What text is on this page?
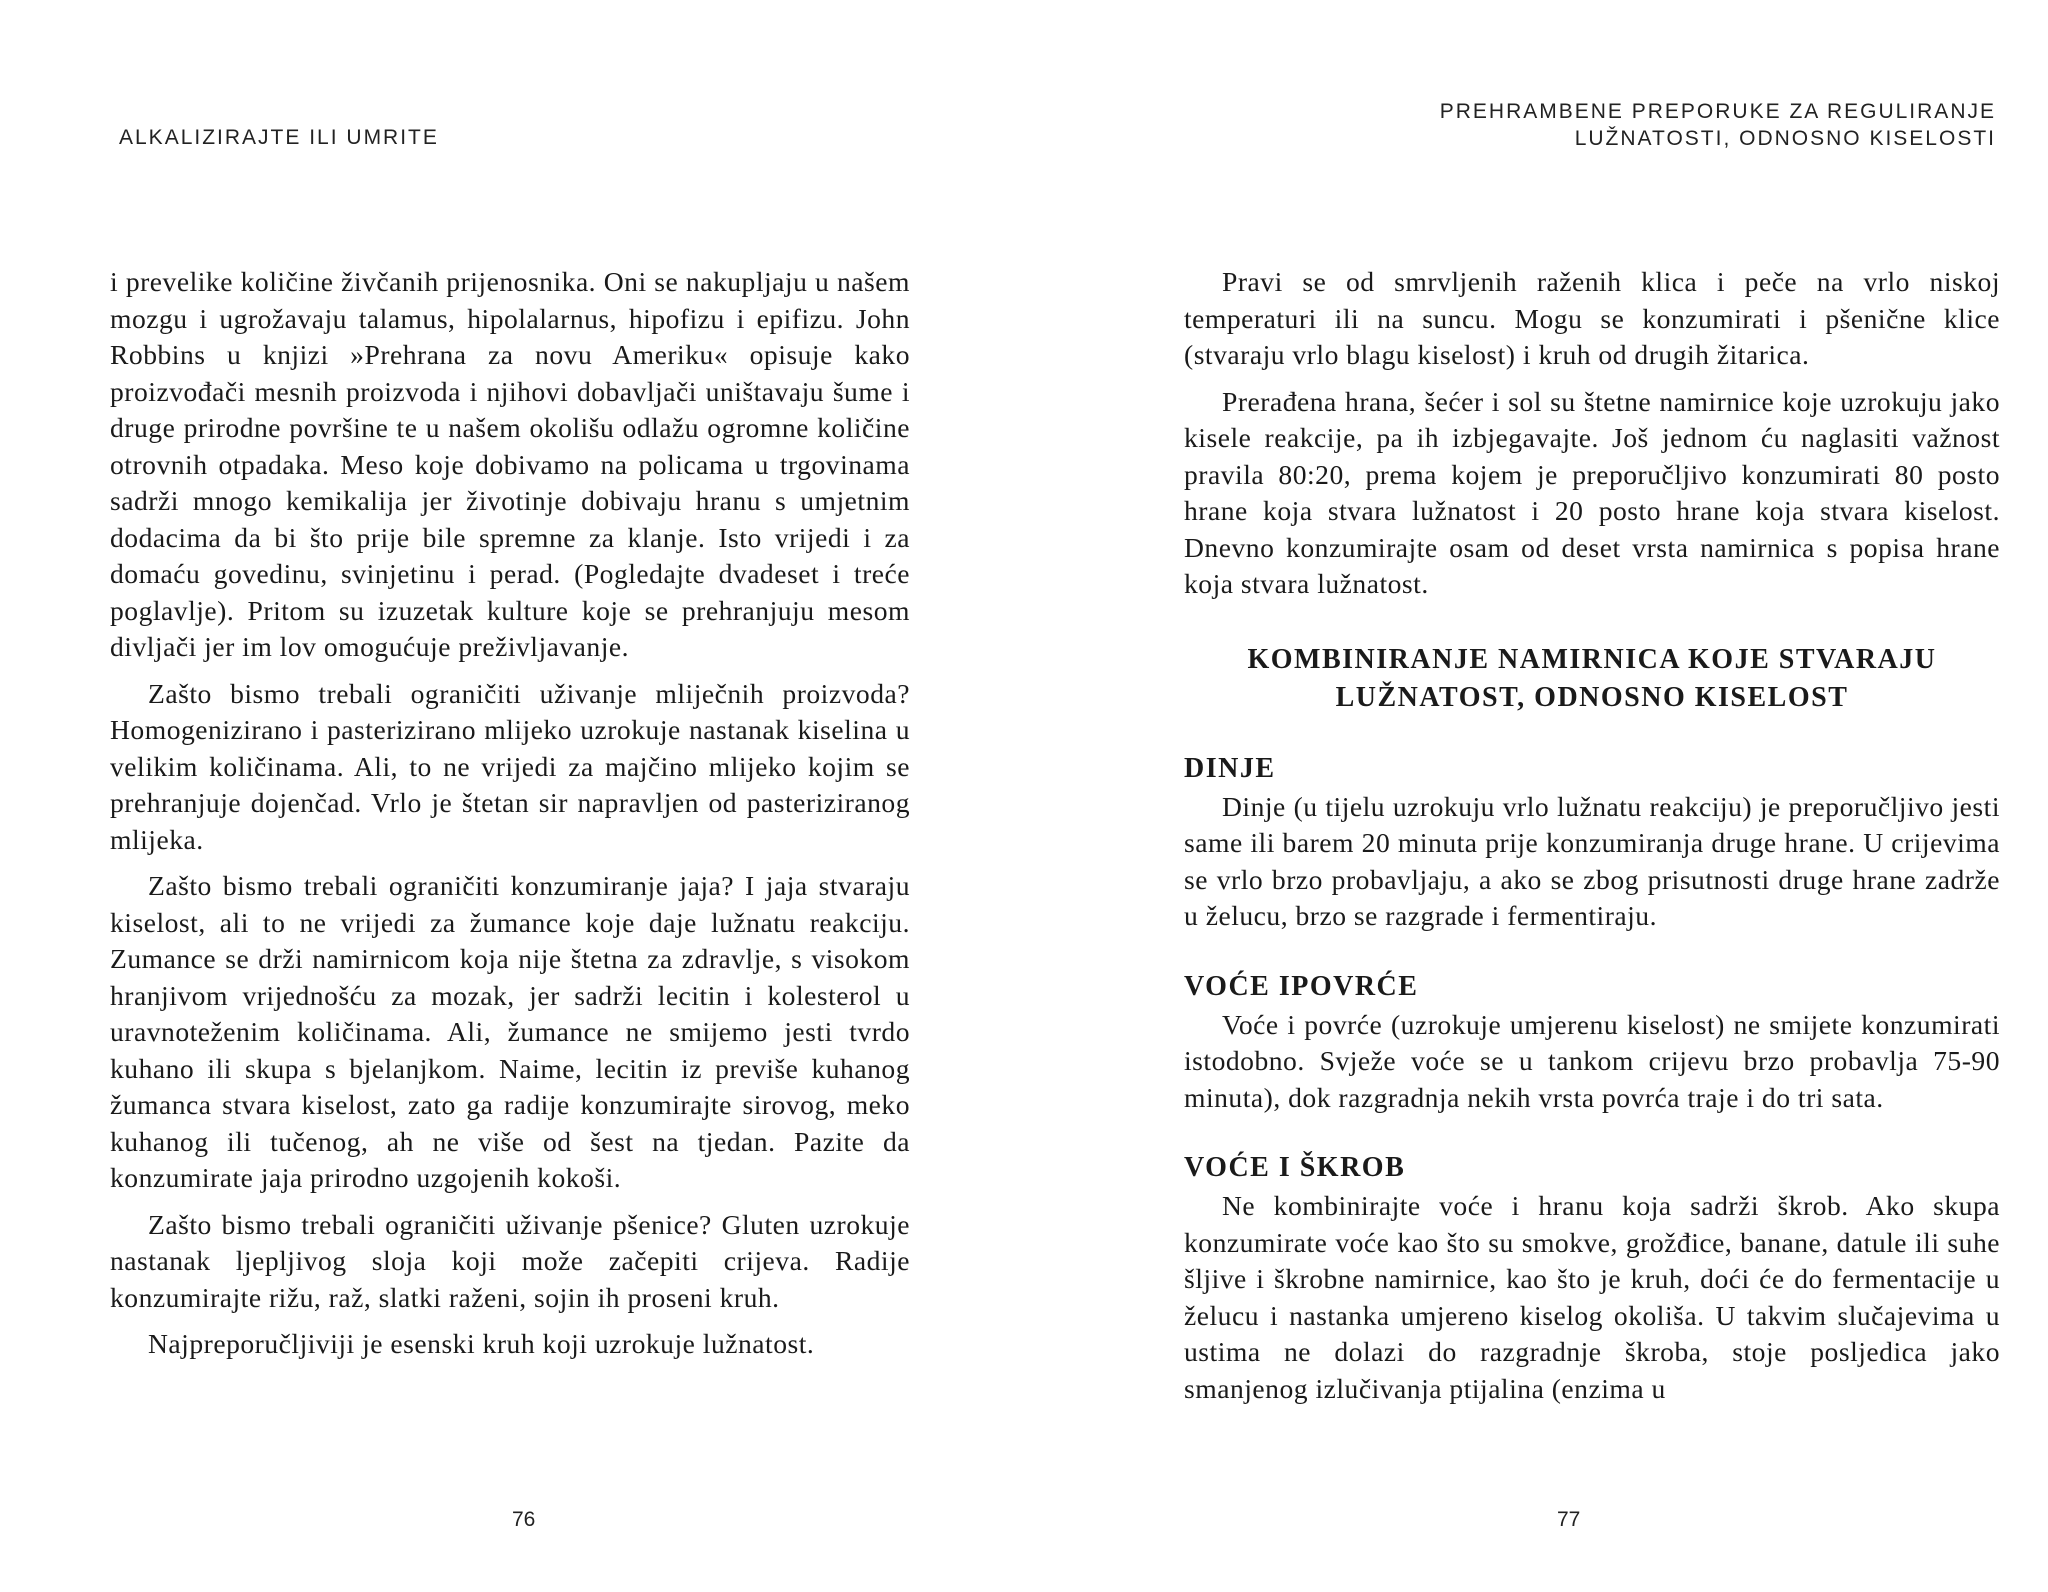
ALKALIZIRAJTE ILI UMRITE

i prevelike količine živčanih prijenosnika. Oni se nakupljaju u našem mozgu i ugrožavaju talamus, hipolalarnus, hipofizu i epifizu. John Robbins u knjizi »Prehrana za novu Ameriku« opisuje kako proizvođači mesnih proizvoda i njihovi dobavljači uništavaju šume i druge prirodne površine te u našem okolišu odlažu ogromne količine otrovnih otpadaka. Meso koje dobivamo na policama u trgovinama sadrži mnogo kemikalija jer životinje dobivaju hranu s umjetnim dodacima da bi što prije bile spremne za klanje. Isto vrijedi i za domaću govedinu, svinjetinu i perad. (Pogledajte dvadeset i treće poglavlje). Pritom su izuzetak kulture koje se prehranjuju mesom divljači jer im lov omogućuje preživljavanje.

Zašto bismo trebali ograničiti uživanje mliječnih proizvoda? Homogenizirano i pasterizirano mlijeko uzrokuje nastanak kiselina u velikim količinama. Ali, to ne vrijedi za majčino mlijeko kojim se prehranjuje dojenčad. Vrlo je štetan sir napravljen od pasteriziranog mlijeka.

Zašto bismo trebali ograničiti konzumiranje jaja? I jaja stvaraju kiselost, ali to ne vrijedi za žumance koje daje lužnatu reakciju. Zumance se drži namirnicom koja nije štetna za zdravlje, s visokom hranjivom vrijednošću za mozak, jer sadrži lecitin i kolesterol u uravnoteženim količinama. Ali, žumance ne smijemo jesti tvrdo kuhano ili skupa s bjelanjkom. Naime, lecitin iz previše kuhanog žumanca stvara kiselost, zato ga radije konzumirajte sirovog, meko kuhanog ili tučenog, ah ne više od šest na tjedan. Pazite da konzumirate jaja prirodno uzgojenih kokoši.

Zašto bismo trebali ograničiti uživanje pšenice? Gluten uzrokuje nastanak ljepljivog sloja koji može začepiti crijeva. Radije konzumirajte rižu, raž, slatki raženi, sojin ih proseni kruh.

Najpreporučljiviji je esenski kruh koji uzrokuje lužnatost.

76
PREHRAMBENE PREPORUKE ZA REGULIRANJE
LUŽNATOSTI, ODNOSNO KISELOSTI

Pravi se od smrvljenih raženih klica i peče na vrlo niskoj temperaturi ili na suncu. Mogu se konzumirati i pšenične klice (stvaraju vrlo blagu kiselost) i kruh od drugih žitarica.

Prerađena hrana, šećer i sol su štetne namirnice koje uzrokuju jako kisele reakcije, pa ih izbjegavajte. Još jednom ću naglasiti važnost pravila 80:20, prema kojem je preporučljivo konzumirati 80 posto hrane koja stvara lužnatost i 20 posto hrane koja stvara kiselost. Dnevno konzumirajte osam od deset vrsta namirnica s popisa hrane koja stvara lužnatost.

KOMBINIRANJE NAMIRNICA KOJE STVARAJU
LUŽNATOST, ODNOSNO KISELOST
DINJE

Dinje (u tijelu uzrokuju vrlo lužnatu reakciju) je preporučljivo jesti same ili barem 20 minuta prije konzumiranja druge hrane. U crijevima se vrlo brzo probavljaju, a ako se zbog prisutnosti druge hrane zadrže u želucu, brzo se razgrade i fermentiraju.

VOĆE IPOVRĆE

Voće i povrće (uzrokuje umjerenu kiselost) ne smijete konzumirati istodobno. Svježe voće se u tankom crijevu brzo probavlja 75-90 minuta), dok razgradnja nekih vrsta povrća traje i do tri sata.

VOĆE I ŠKROB

Ne kombinirajte voće i hranu koja sadrži škrob. Ako skupa konzumirate voće kao što su smokve, grožđice, banane, datule ili suhe šljive i škrobne namirnice, kao što je kruh, doći će do fermentacije u želucu i nastanka umjereno kiselog okoliša. U takvim slučajevima u ustima ne dolazi do razgradnje škroba, stoje posljedica jako smanjenog izlučivanja ptijalina (enzima u

77
